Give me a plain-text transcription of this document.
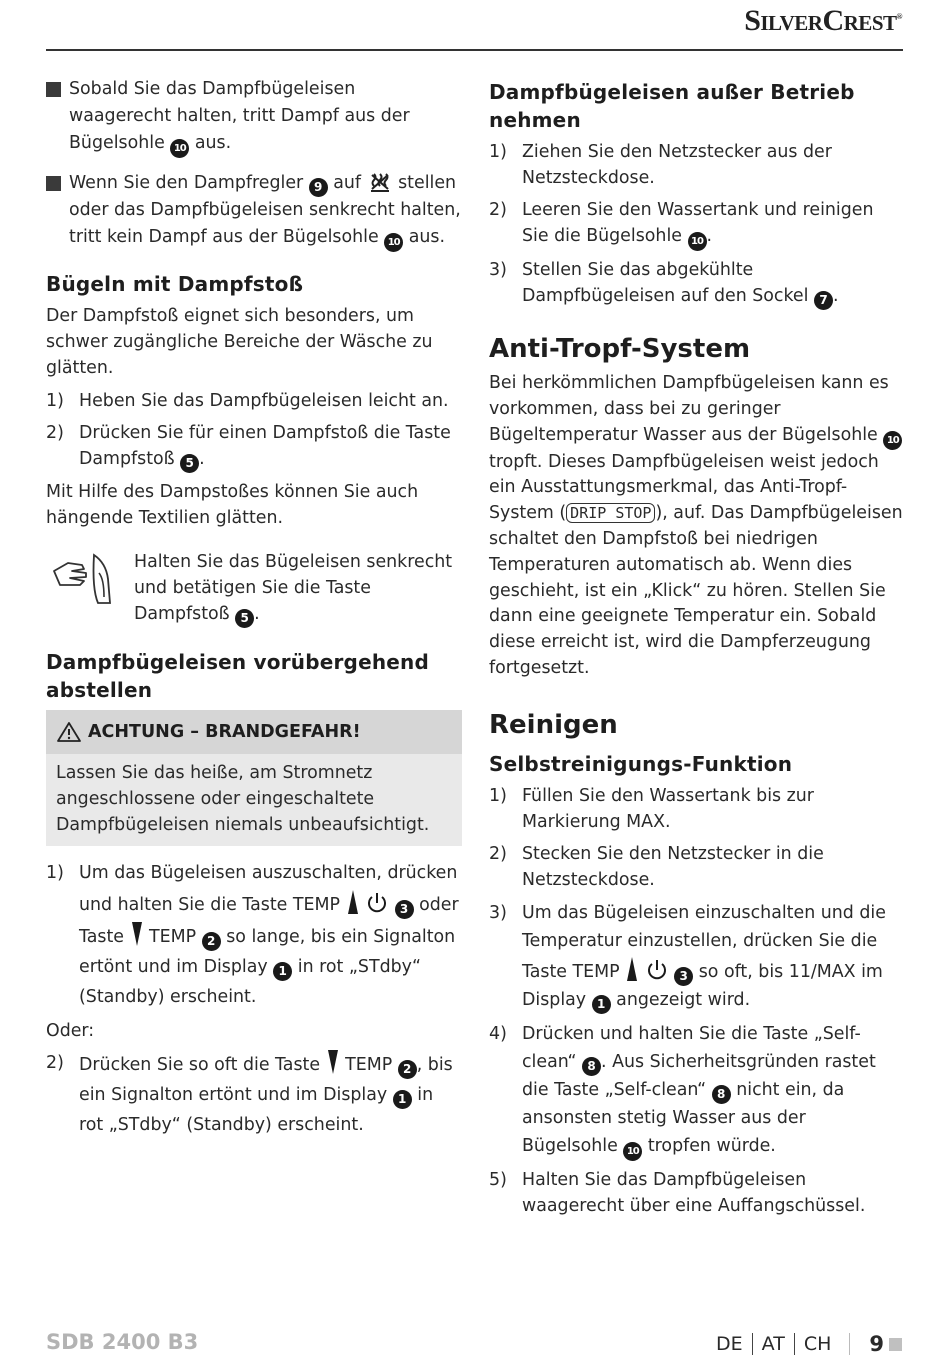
SilverCrest®
Sobald Sie das Dampfbügeleisen waagerecht halten, tritt Dampf aus der Bügelsohle 10 aus.
Wenn Sie den Dampfregler 9 auf stellen oder das Dampfbügeleisen senkrecht halten, tritt kein Dampf aus der Bügelsohle 10 aus.
Bügeln mit Dampfstoß

Der Dampfstoß eignet sich besonders, um schwer zugängliche Bereiche der Wäsche zu glätten.

1) Heben Sie das Dampfbügeleisen leicht an.
2) Drücken Sie für einen Dampfstoß die Taste Dampfstoß 5 .

Mit Hilfe des Dampstoßes können Sie auch hängende Textilien glätten.

Halten Sie das Bügeleisen senkrecht und betätigen Sie die Taste Dampfstoß 5 .
Dampfbügeleisen vorübergehend abstellen
ACHTUNG – BRANDGEFAHR!
Lassen Sie das heiße, am Stromnetz angeschlossene oder eingeschaltete Dampfbügeleisen niemals unbeaufsichtigt.
1) Um das Bügeleisen auszuschalten, drücken und halten Sie die Taste TEMP	3 oder Taste TEMP 2 so lange, bis ein Signalton ertönt und im Display 1 in rot „STdby“ (Standby) erscheint.

Oder:

2) Drücken Sie so oft die Taste TEMP 2 , bis ein Signalton ertönt und im Display 1 in rot „STdby“ (Standby) erscheint.
Dampfbügeleisen außer Betrieb nehmen
1) Ziehen Sie den Netzstecker aus der Netzsteckdose.
2) Leeren Sie den Wassertank und reinigen Sie die Bügelsohle 10 .
3) Stellen Sie das abgekühlte Dampfbügeleisen auf den Sockel 7 .
Anti-Tropf-System

Bei herkömmlichen Dampfbügeleisen kann es vorkommen, dass bei zu geringer Bügeltemperatur Wasser aus der Bügelsohle 10 tropft. Dieses Dampfbügeleisen weist jedoch ein Ausstattungsmerkmal, das Anti-Tropf-System ( DRIP STOP ), auf. Das Dampfbügeleisen schaltet den Dampfstoß bei niedrigen Temperaturen automatisch ab. Wenn dies geschieht, ist ein „Klick“ zu hören. Stellen Sie dann eine geeignete Temperatur ein. Sobald diese erreicht ist, wird die Dampferzeugung fortgesetzt.

Reinigen
Selbstreinigungs-Funktion
1) Füllen Sie den Wassertank bis zur Markierung MAX.
2) Stecken Sie den Netzstecker in die Netzsteckdose.
3) Um das Bügeleisen einzuschalten und die Temperatur einzustellen, drücken Sie die Taste TEMP	3 so oft, bis 11/MAX im Display 1 angezeigt wird.
4) Drücken und halten Sie die Taste „Self-clean“ 8 . Aus Sicherheitsgründen rastet die Taste „Self-clean“ 8 nicht ein, da ansonsten stetig Wasser aus der Bügelsohle 10 tropfen würde.
5) Halten Sie das Dampfbügeleisen waagerecht über eine Auffangschüssel.
SDB 2400 B3	DE AT CH 9
